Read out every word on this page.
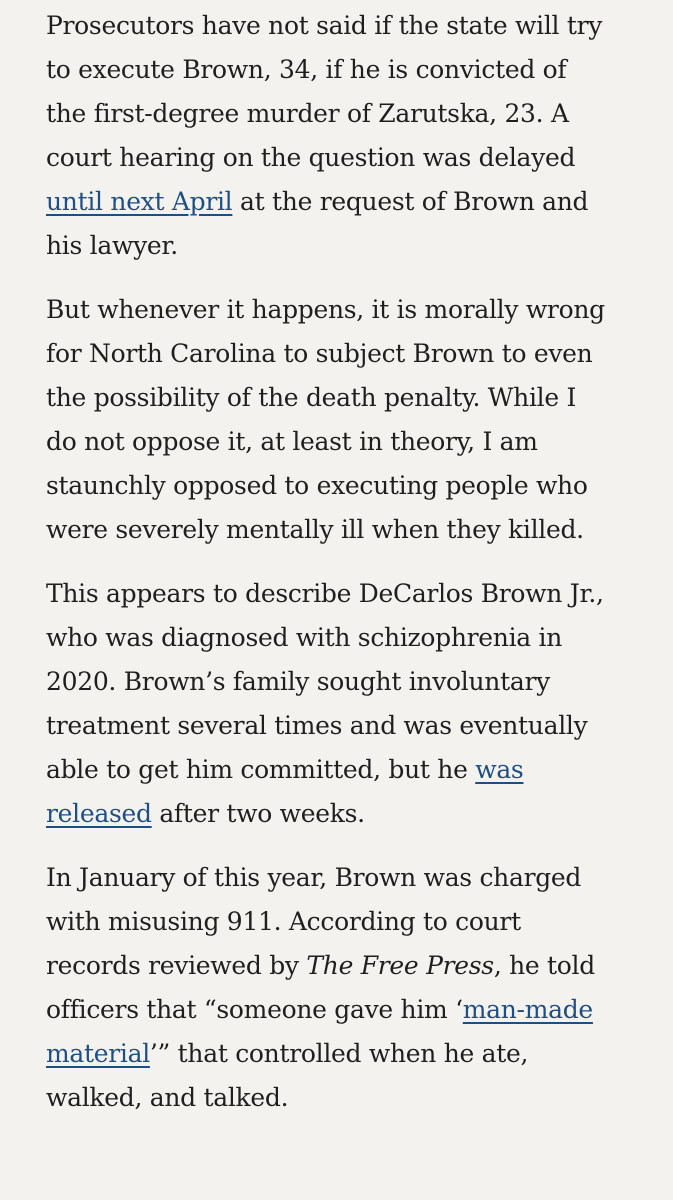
Prosecutors have not said if the state will try
to execute Brown, 34, if he is convicted of
the first-degree murder of Zarutska, 23. A
court hearing on the question was delayed
until next April at the request of Brown and
his lawyer.

But whenever it happens, it is morally wrong
for North Carolina to subject Brown to even
the possibility of the death penalty. While I
do not oppose it, at least in theory, I am
staunchly opposed to executing people who
were severely mentally ill when they killed.

This appears to describe DeCarlos Brown Jr.,
who was diagnosed with schizophrenia in
2020. Brown’s family sought involuntary
treatment several times and was eventually
able to get him committed, but he was
released after two weeks.

In January of this year, Brown was charged
with misusing 911. According to court
records reviewed by The Free Press, he told
officers that “someone gave him ‘man-made
material’” that controlled when he ate,
walked, and talked.
